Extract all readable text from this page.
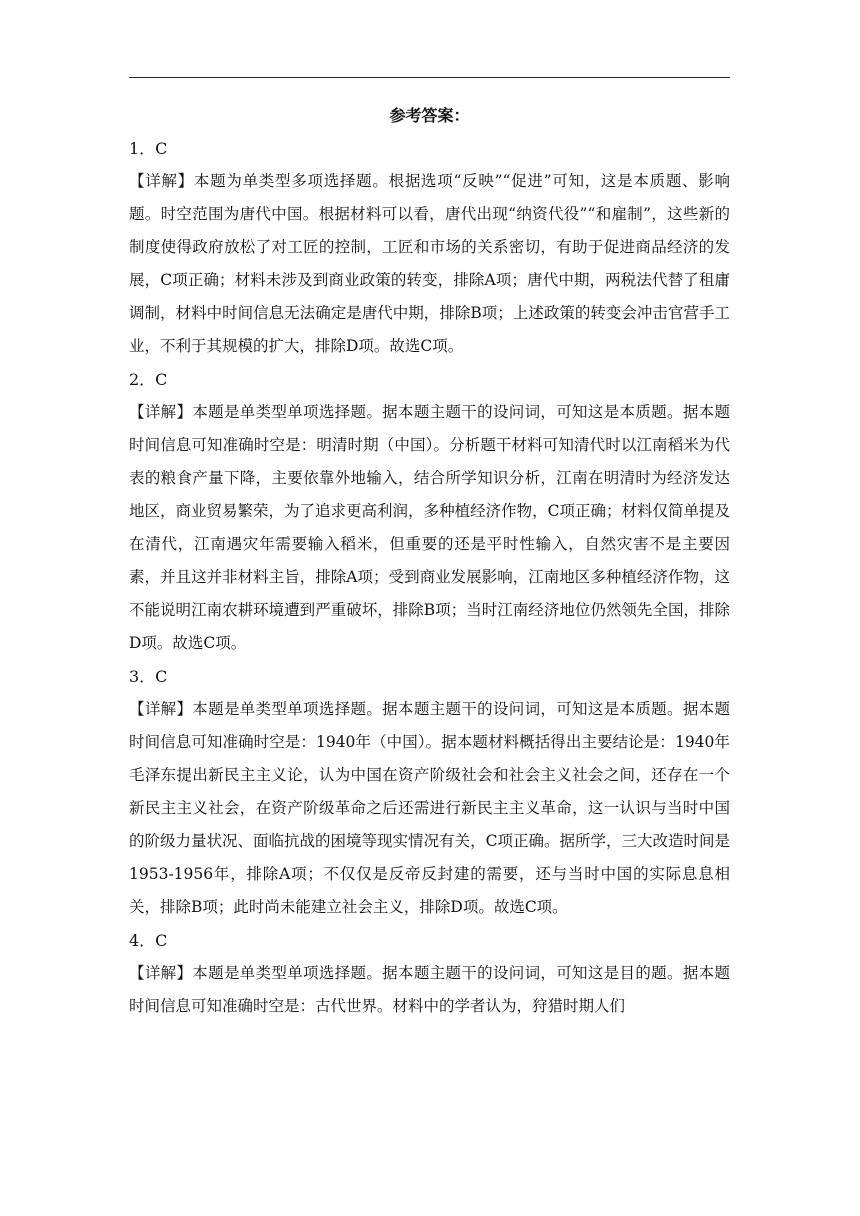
参考答案：

1．C

【详解】本题为单类型多项选择题。根据选项“反映”“促进”可知，这是本质题、影响题。时空范围为唐代中国。根据材料可以看，唐代出现“纳资代役”“和雇制”，这些新的制度使得政府放松了对工匠的控制，工匠和市场的关系密切，有助于促进商品经济的发展，C项正确；材料未涉及到商业政策的转变，排除A项；唐代中期，两税法代替了租庸调制，材料中时间信息无法确定是唐代中期，排除B项；上述政策的转变会冲击官营手工业，不利于其规模的扩大，排除D项。故选C项。

2．C

【详解】本题是单类型单项选择题。据本题主题干的设问词，可知这是本质题。据本题时间信息可知准确时空是：明清时期（中国）。分析题干材料可知清代时以江南稻米为代表的粮食产量下降，主要依靠外地输入，结合所学知识分析，江南在明清时为经济发达地区，商业贸易繁荣，为了追求更高利润，多种植经济作物，C项正确；材料仅简单提及在清代，江南遇灾年需要输入稻米，但重要的还是平时性输入，自然灾害不是主要因素，并且这并非材料主旨，排除A项；受到商业发展影响，江南地区多种植经济作物，这不能说明江南农耕环境遭到严重破坏，排除B项；当时江南经济地位仍然领先全国，排除D项。故选C项。

3．C

【详解】本题是单类型单项选择题。据本题主题干的设问词，可知这是本质题。据本题时间信息可知准确时空是：1940年（中国）。据本题材料概括得出主要结论是：1940年毛泽东提出新民主主义论，认为中国在资产阶级社会和社会主义社会之间，还存在一个新民主主义社会，在资产阶级革命之后还需进行新民主主义革命，这一认识与当时中国的阶级力量状况、面临抗战的困境等现实情况有关，C项正确。据所学，三大改造时间是1953-1956年，排除A项；不仅仅是反帝反封建的需要，还与当时中国的实际息息相关，排除B项；此时尚未能建立社会主义，排除D项。故选C项。

4．C

【详解】本题是单类型单项选择题。据本题主题干的设问词，可知这是目的题。据本题时间信息可知准确时空是：古代世界。材料中的学者认为，狩猎时期人们
